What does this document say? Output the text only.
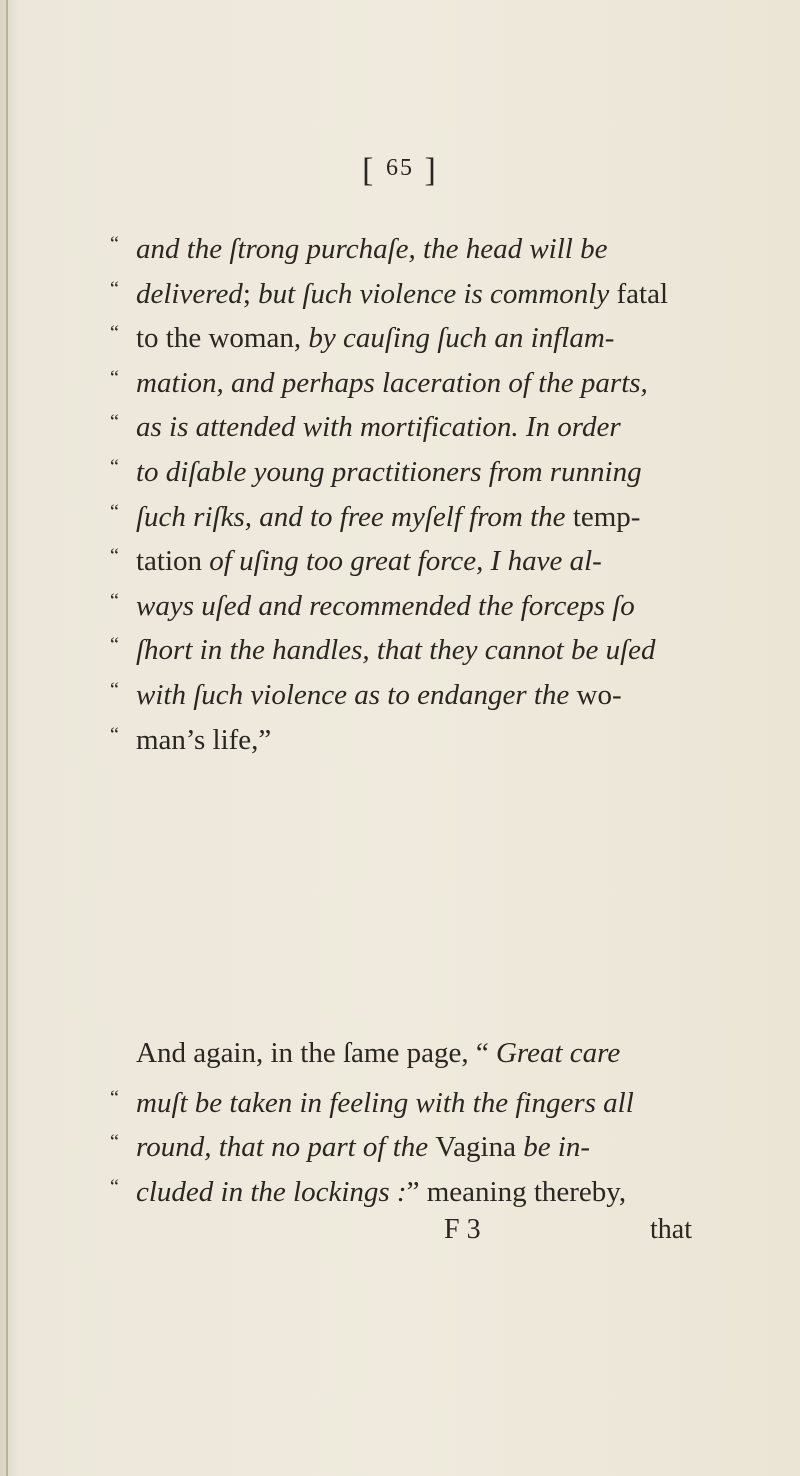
[ 65 ]
“ and the ſtrong purchaſe, the head will be
“ delivered; but ſuch violence is commonly fatal
“ to the woman, by cauſing ſuch an inflam-
“ mation, and perhaps laceration of the parts,
“ as is attended with mortification. In order
“ to diſable young practitioners from running
“ ſuch riſks, and to free myſelf from the temp-
“ tation of uſing too great force, I have al-
“ ways uſed and recommended the forceps ſo
“ ſhort in the handles, that they cannot be uſed
“ with ſuch violence as to endanger the wo-
“ man’s life,”
And again, in the ſame page, “ Great care
“ muſt be taken in feeling with the fingers all
“ round, that no part of the Vagina be in-
“ cluded in the lockings :” meaning thereby,
F 3	that
